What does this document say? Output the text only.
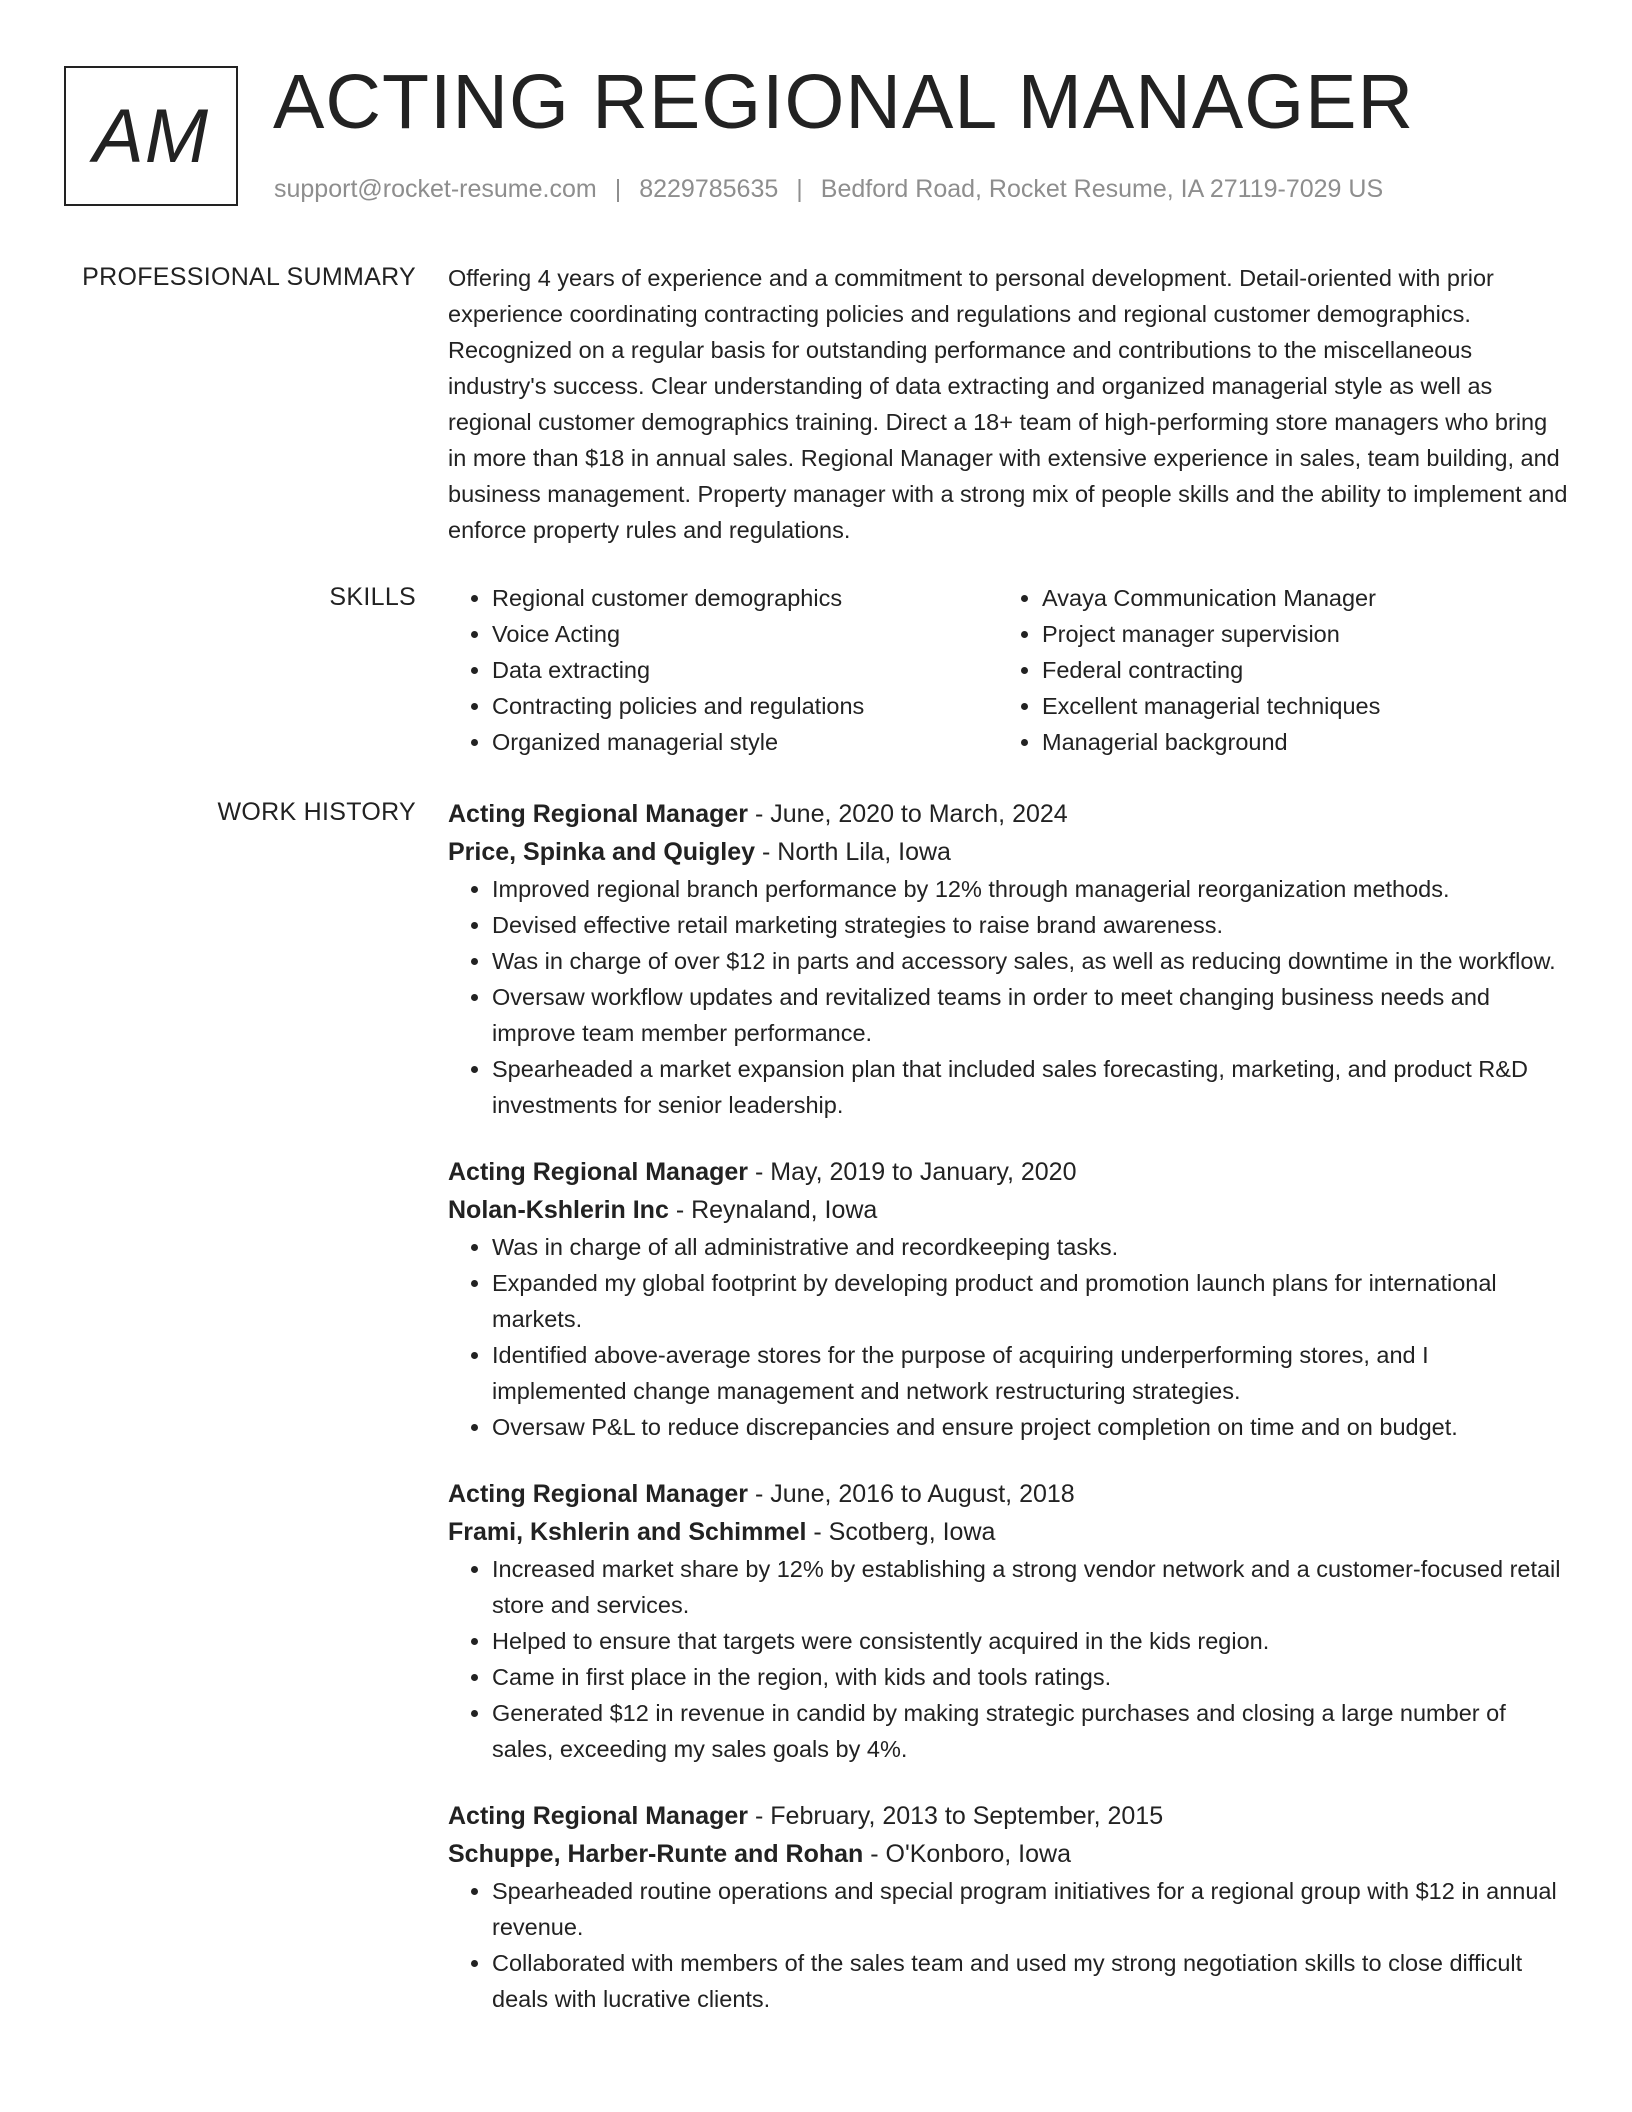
AM ACTING REGIONAL MANAGER
support@rocket-resume.com | 8229785635 | Bedford Road, Rocket Resume, IA 27119-7029 US
PROFESSIONAL SUMMARY Offering 4 years of experience and a commitment to personal development. Detail-oriented with prior experience coordinating contracting policies and regulations and regional customer demographics. Recognized on a regular basis for outstanding performance and contributions to the miscellaneous industry's success. Clear understanding of data extracting and organized managerial style as well as regional customer demographics training. Direct a 18+ team of high-performing store managers who bring in more than $18 in annual sales. Regional Manager with extensive experience in sales, team building, and business management. Property manager with a strong mix of people skills and the ability to implement and enforce property rules and regulations.

SKILLS
•	Regional customer demographics
• Voice Acting
• Data extracting
• Contracting policies and regulations
• Organized managerial style
• Avaya Communication Manager
• Project manager supervision
• Federal contracting
• Excellent managerial techniques
• Managerial background
WORK HISTORY Acting Regional Manager - June, 2020 to March, 2024
Price, Spinka and Quigley - North Lila, Iowa
• Improved regional branch performance by 12% through managerial reorganization methods.
• Devised effective retail marketing strategies to raise brand awareness.
• Was in charge of over $12 in parts and accessory sales, as well as reducing downtime in the workflow.
• Oversaw workflow updates and revitalized teams in order to meet changing business needs and improve team member performance.
• Spearheaded a market expansion plan that included sales forecasting, marketing, and product R&D investments for senior leadership.
Acting Regional Manager - May, 2019 to January, 2020
Nolan-Kshlerin Inc - Reynaland, Iowa
• Was in charge of all administrative and recordkeeping tasks.
• Expanded my global footprint by developing product and promotion launch plans for international markets.
• Identified above-average stores for the purpose of acquiring underperforming stores, and I implemented change management and network restructuring strategies.
• Oversaw P&L to reduce discrepancies and ensure project completion on time and on budget.
Acting Regional Manager - June, 2016 to August, 2018
Frami, Kshlerin and Schimmel - Scotberg, Iowa
• Increased market share by 12% by establishing a strong vendor network and a customer-focused retail store and services.
• Helped to ensure that targets were consistently acquired in the kids region.
• Came in first place in the region, with kids and tools ratings.
• Generated $12 in revenue in candid by making strategic purchases and closing a large number of sales, exceeding my sales goals by 4%.
Acting Regional Manager - February, 2013 to September, 2015
Schuppe, Harber-Runte and Rohan - O'Konboro, Iowa
• Spearheaded routine operations and special program initiatives for a regional group with $12 in annual revenue.
• Collaborated with members of the sales team and used my strong negotiation skills to close difficult deals with lucrative clients.
